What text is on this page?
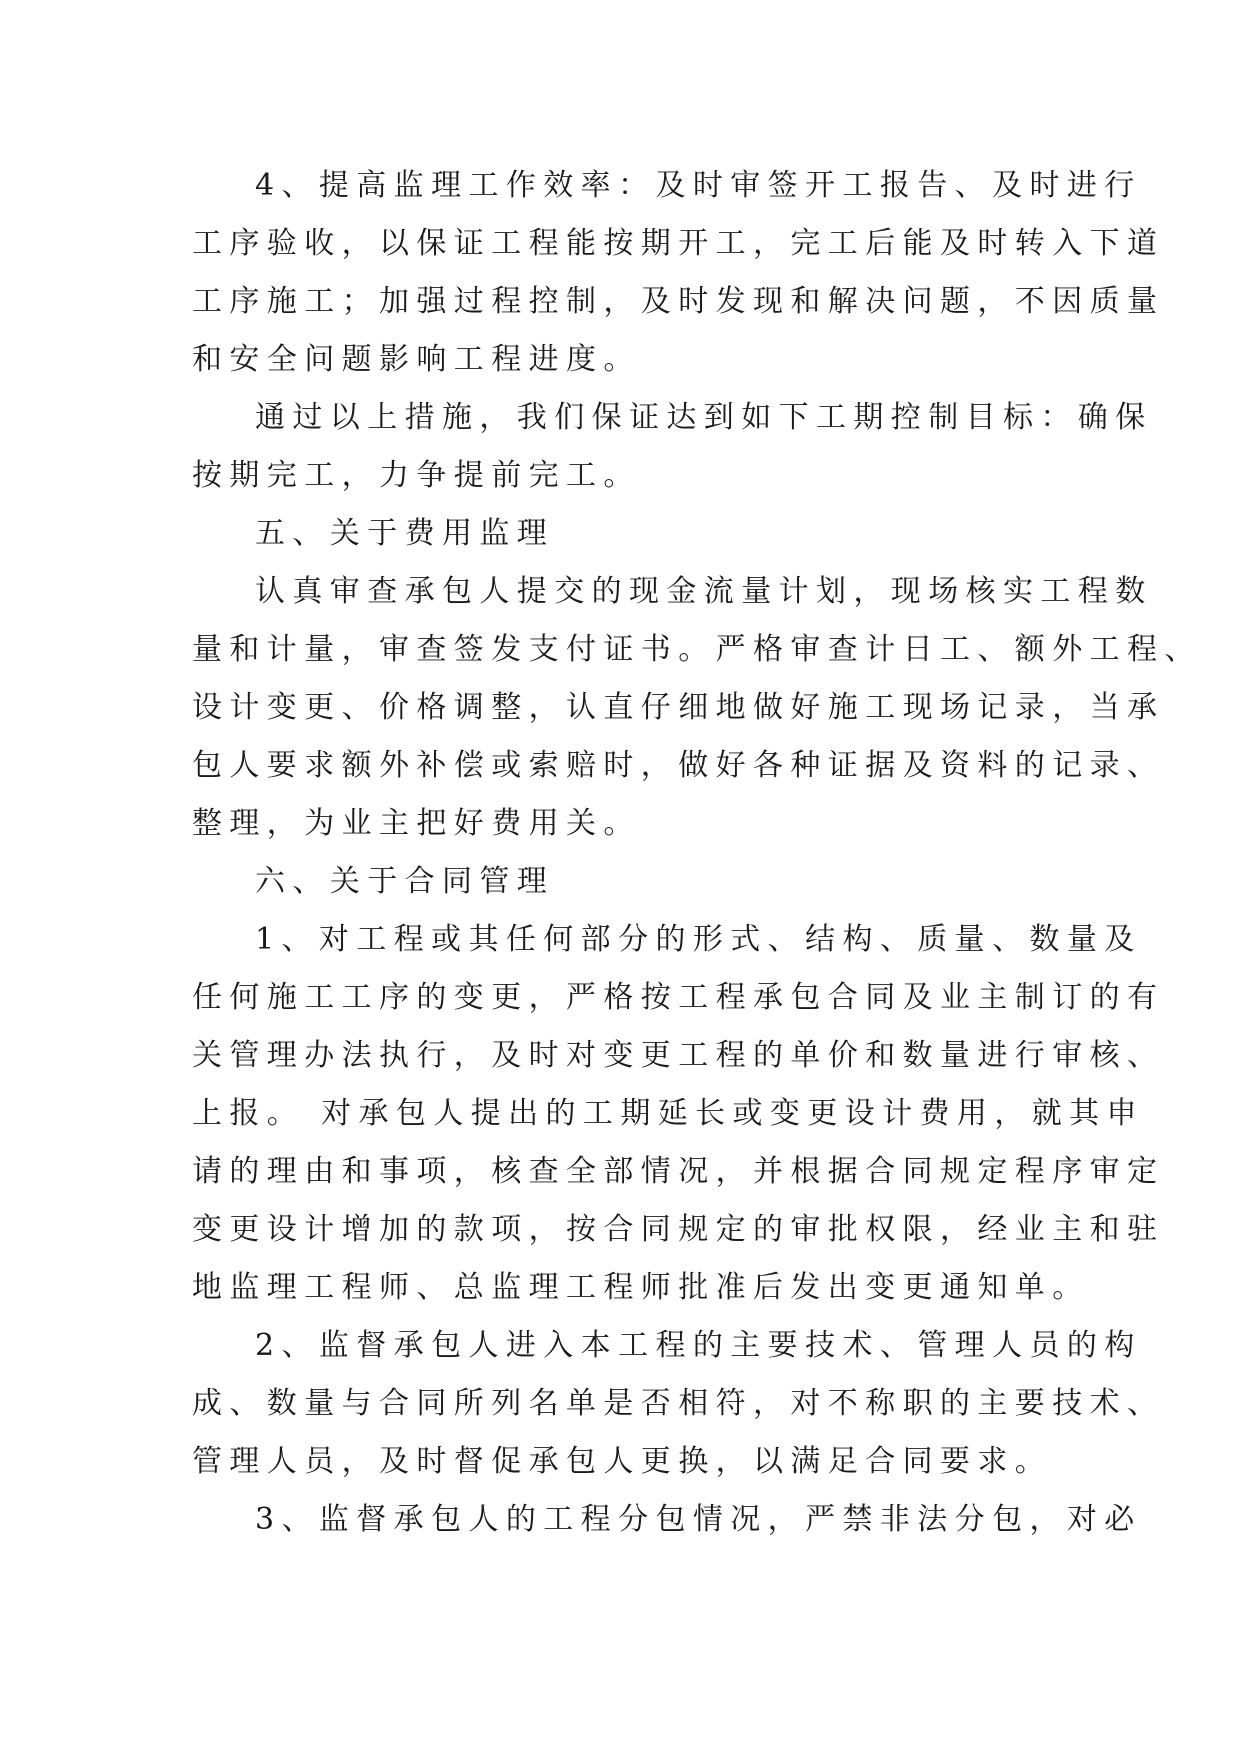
4、提高监理工作效率：及时审签开工报告、及时进行
工序验收，以保证工程能按期开工，完工后能及时转入下道
工序施工；加强过程控制，及时发现和解决问题，不因质量
和安全问题影响工程进度。
通过以上措施，我们保证达到如下工期控制目标：确保
按期完工，力争提前完工。
五、关于费用监理
认真审查承包人提交的现金流量计划，现场核实工程数
量和计量，审查签发支付证书。严格审查计日工、额外工程、
设计变更、价格调整，认直仔细地做好施工现场记录，当承
包人要求额外补偿或索赔时，做好各种证据及资料的记录、
整理，为业主把好费用关。
六、关于合同管理
1、对工程或其任何部分的形式、结构、质量、数量及
任何施工工序的变更，严格按工程承包合同及业主制订的有
关管理办法执行，及时对变更工程的单价和数量进行审核、
上报。 对承包人提出的工期延长或变更设计费用，就其申
请的理由和事项，核查全部情况，并根据合同规定程序审定
变更设计增加的款项，按合同规定的审批权限，经业主和驻
地监理工程师、总监理工程师批准后发出变更通知单。
2、监督承包人进入本工程的主要技术、管理人员的构
成、数量与合同所列名单是否相符，对不称职的主要技术、
管理人员，及时督促承包人更换，以满足合同要求。
3、监督承包人的工程分包情况，严禁非法分包，对必
